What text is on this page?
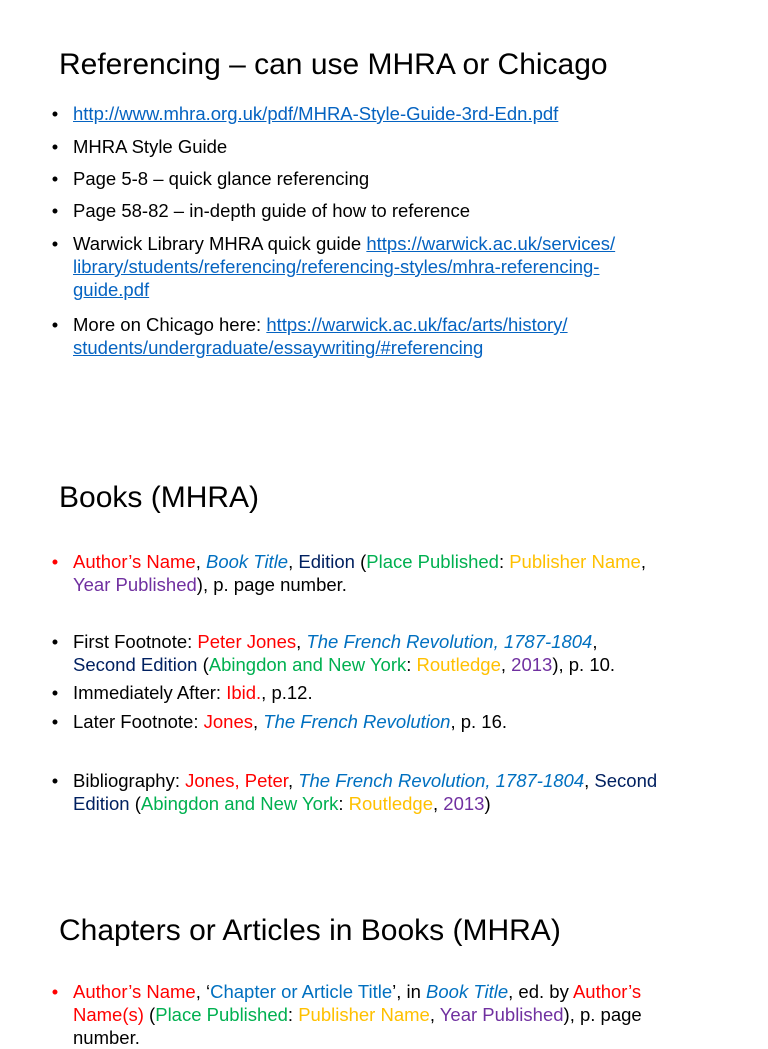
Referencing – can use MHRA or Chicago
• http://www.mhra.org.uk/pdf/MHRA-Style-Guide-3rd-Edn.pdf
• MHRA Style Guide
• Page 5-8 – quick glance referencing
• Page 58-82 – in-depth guide of how to reference
• Warwick Library MHRA quick guide https://warwick.ac.uk/services/
library/students/referencing/referencing-styles/mhra-referencing-
guide.pdf
• More on Chicago here: https://warwick.ac.uk/fac/arts/history/
students/undergraduate/essaywriting/#referencing
Books (MHRA)
• Author’s Name, Book Title, Edition (Place Published: Publisher Name,
Year Published), p. page number.
• First Footnote: Peter Jones, The French Revolution, 1787-1804,
Second Edition (Abingdon and New York: Routledge, 2013), p. 10.
• Immediately After: Ibid., p.12.
• Later Footnote: Jones, The French Revolution, p. 16.
• Bibliography: Jones, Peter, The French Revolution, 1787-1804, Second
Edition (Abingdon and New York: Routledge, 2013)
Chapters or Articles in Books (MHRA)
• Author’s Name, ‘Chapter or Article Title’, in Book Title, ed. by Author’s
Name(s) (Place Published: Publisher Name, Year Published), p. page
number.
